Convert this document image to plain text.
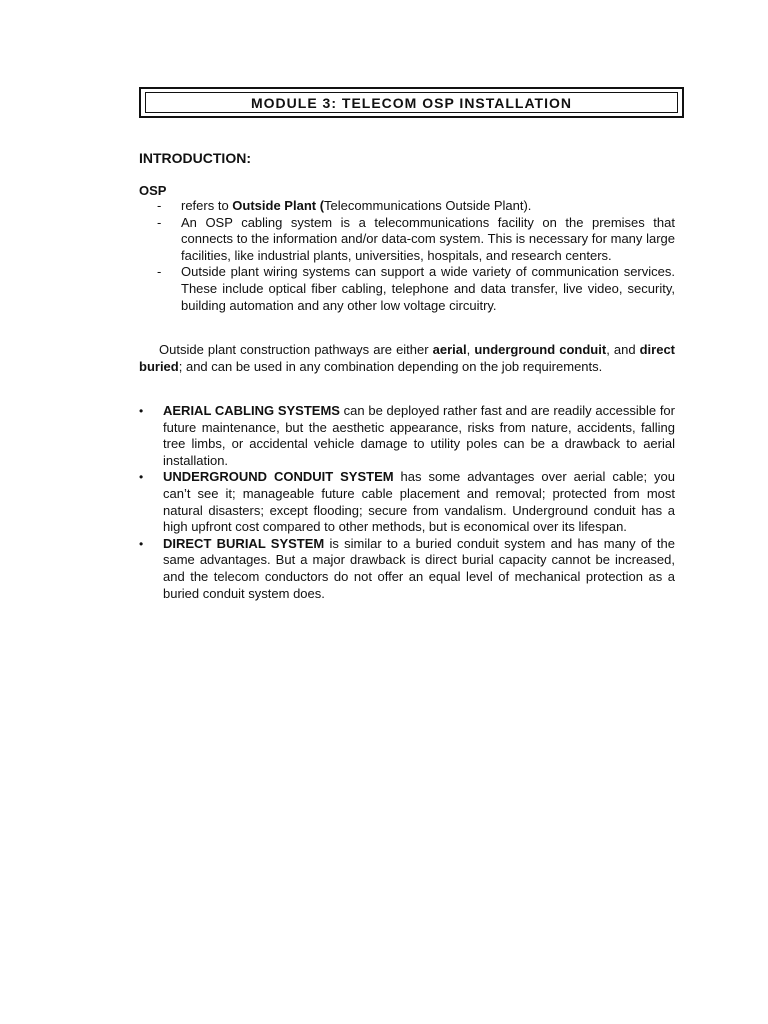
MODULE 3: TELECOM OSP INSTALLATION
INTRODUCTION:
OSP
- refers to Outside Plant (Telecommunications Outside Plant).
- An OSP cabling system is a telecommunications facility on the premises that connects to the information and/or data-com system. This is necessary for many large facilities, like industrial plants, universities, hospitals, and research centers.
- Outside plant wiring systems can support a wide variety of communication services. These include optical fiber cabling, telephone and data transfer, live video, security, building automation and any other low voltage circuitry.

Outside plant construction pathways are either aerial, underground conduit, and direct buried; and can be used in any combination depending on the job requirements.

• AERIAL CABLING SYSTEMS can be deployed rather fast and are readily accessible for future maintenance, but the aesthetic appearance, risks from nature, accidents, falling tree limbs, or accidental vehicle damage to utility poles can be a drawback to aerial installation.
• UNDERGROUND CONDUIT SYSTEM has some advantages over aerial cable; you can’t see it; manageable future cable placement and removal; protected from most natural disasters; except flooding; secure from vandalism. Underground conduit has a high upfront cost compared to other methods, but is economical over its lifespan.
• DIRECT BURIAL SYSTEM is similar to a buried conduit system and has many of the same advantages. But a major drawback is direct burial capacity cannot be increased, and the telecom conductors do not offer an equal level of mechanical protection as a buried conduit system does.
